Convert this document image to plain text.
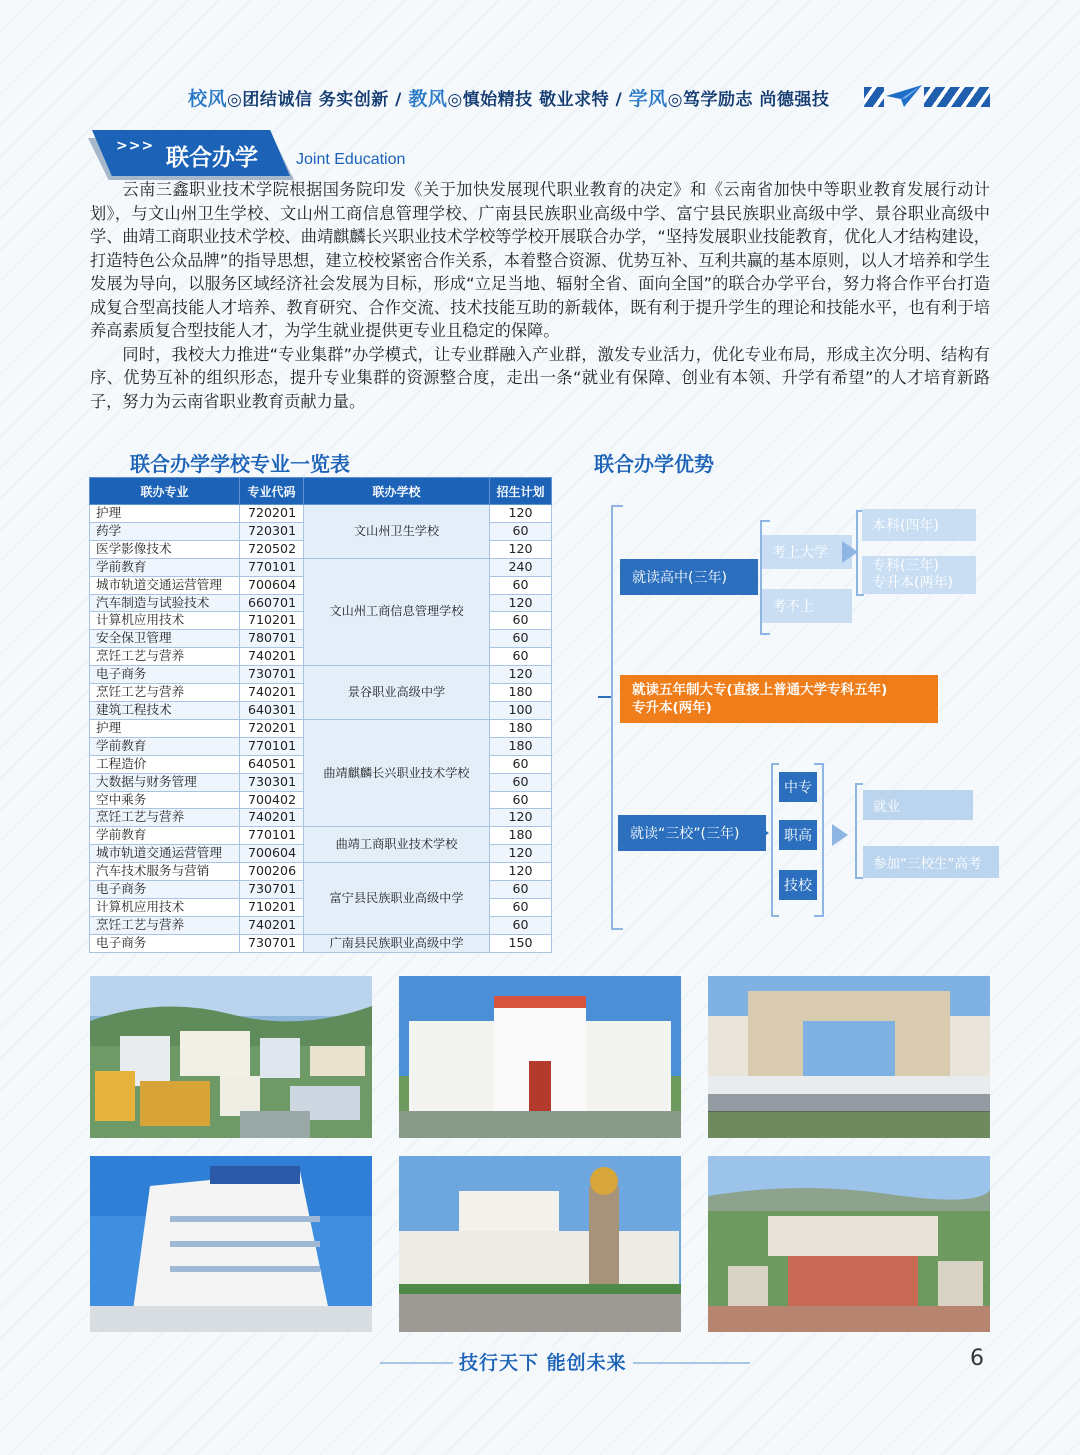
校风◎团结诚信 务实创新 / 教风◎慎始精技 敬业求特 / 学风◎笃学励志 尚德强技
>>> 联合办学 Joint Education

云南三鑫职业技术学院根据国务院印发《关于加快发展现代职业教育的决定》和《云南省加快中等职业教育发展行动计划》，与文山州卫生学校、文山州工商信息管理学校、广南县民族职业高级中学、富宁县民族职业高级中学、景谷职业高级中学、曲靖工商职业技术学校、曲靖麒麟长兴职业技术学校等学校开展联合办学，“坚持发展职业技能教育，优化人才结构建设，打造特色公众品牌”的指导思想，建立校校紧密合作关系，本着整合资源、优势互补、互利共赢的基本原则，以人才培养和学生发展为导向，以服务区域经济社会发展为目标，形成“立足当地、辐射全省、面向全国”的联合办学平台，努力将合作平台打造成复合型高技能人才培养、教育研究、合作交流、技术技能互助的新载体，既有利于提升学生的理论和技能水平，也有利于培养高素质复合型技能人才，为学生就业提供更专业且稳定的保障。

同时，我校大力推进“专业集群”办学模式，让专业群融入产业群，激发专业活力，优化专业布局，形成主次分明、结构有序、优势互补的组织形态，提升专业集群的资源整合度，走出一条“就业有保障、创业有本领、升学有希望”的人才培育新路子，努力为云南省职业教育贡献力量。

联合办学学校专业一览表
联办专业	专业代码	联办学校	招生计划
护理	720201	文山州卫生学校	120
药学	720301		60
医学影像技术	720502		120
学前教育	770101	文山州工商信息管理学校	240
城市轨道交通运营管理	700604		60
汽车制造与试验技术	660701		120
计算机应用技术	710201		60
安全保卫管理	780701		60
烹饪工艺与营养	740201		60
电子商务	730701	景谷职业高级中学	120
烹饪工艺与营养	740201		180
建筑工程技术	640301		100
护理	720201	曲靖麒麟长兴职业技术学校	180
学前教育	770101		180
工程造价	640501		60
大数据与财务管理	730301		60
空中乘务	700402		60
烹饪工艺与营养	740201		120
学前教育	770101	曲靖工商职业技术学校	180
城市轨道交通运营管理	700604		120
汽车技术服务与营销	700206	富宁县民族职业高级中学	120
电子商务	730701		60
计算机应用技术	710201		60
烹饪工艺与营养	740201		60
电子商务	730701	广南县民族职业高级中学	150
联合办学优势
就读高中(三年)
考上大学
考不上
本科(四年)
专科(三年)
专升本(两年)
就读五年制大专(直接上普通大学专科五年)
专升本(两年)
就读“三校”(三年)
中专
职高
技校
就业
参加“三校生”高考
技行天下 能创未来	6
